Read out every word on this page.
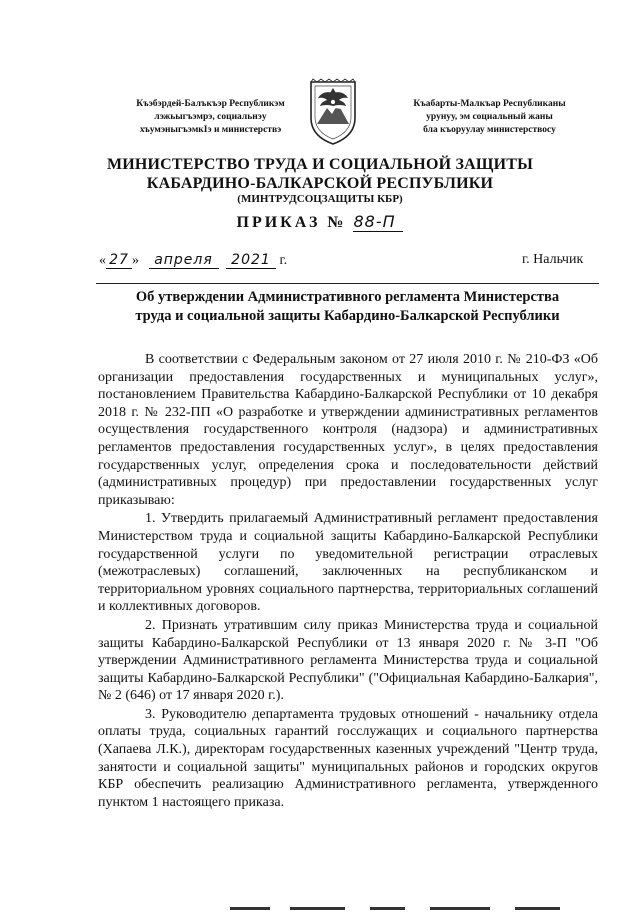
Къэбэрдей-Балъкъэр Республикэм
лэжьыгъэмрэ, социальнэу
хъумэныгъэмкIэ и министерствэ
Къабарты-Малкъар Республиканы
урунуу, эм социальный жаны
бла къоруулау министерствосу
МИНИСТЕРСТВО ТРУДА И СОЦИАЛЬНОЙ ЗАЩИТЫ
КАБАРДИНО-БАЛКАРСКОЙ РЕСПУБЛИКИ
(МИНТРУДСОЦЗАЩИТЫ КБР)
ПРИКАЗ № 88-П
« 27 » апреля 2021 г.	г. Нальчик
Об утверждении Административного регламента Министерства
труда и социальной защиты Кабардино-Балкарской Республики

В соответствии с Федеральным законом от 27 июля 2010 г. № 210-ФЗ «Об организации предоставления государственных и муниципальных услуг», постановлением Правительства Кабардино-Балкарской Республики от 10 декабря 2018 г. № 232-ПП «О разработке и утверждении административных регламентов осуществления государственного контроля (надзора) и административных регламентов предоставления государственных услуг», в целях предоставления государственных услуг, определения срока и последовательности действий (административных процедур) при предоставлении государственных услуг приказываю:

1. Утвердить прилагаемый Административный регламент предоставления Министерством труда и социальной защиты Кабардино-Балкарской Республики государственной услуги по уведомительной регистрации отраслевых (межотраслевых) соглашений, заключенных на республиканском и территориальном уровнях социального партнерства, территориальных соглашений и коллективных договоров.

2. Признать утратившим силу приказ Министерства труда и социальной защиты Кабардино-Балкарской Республики от 13 января 2020 г. № 3-П "Об утверждении Административного регламента Министерства труда и социальной защиты Кабардино-Балкарской Республики" ("Официальная Кабардино-Балкария", № 2 (646) от 17 января 2020 г.).

3. Руководителю департамента трудовых отношений - начальнику отдела оплаты труда, социальных гарантий госслужащих и социального партнерства (Хапаева Л.К.), директорам государственных казенных учреждений "Центр труда, занятости и социальной защиты" муниципальных районов и городских округов КБР обеспечить реализацию Административного регламента, утвержденного пунктом 1 настоящего приказа.
